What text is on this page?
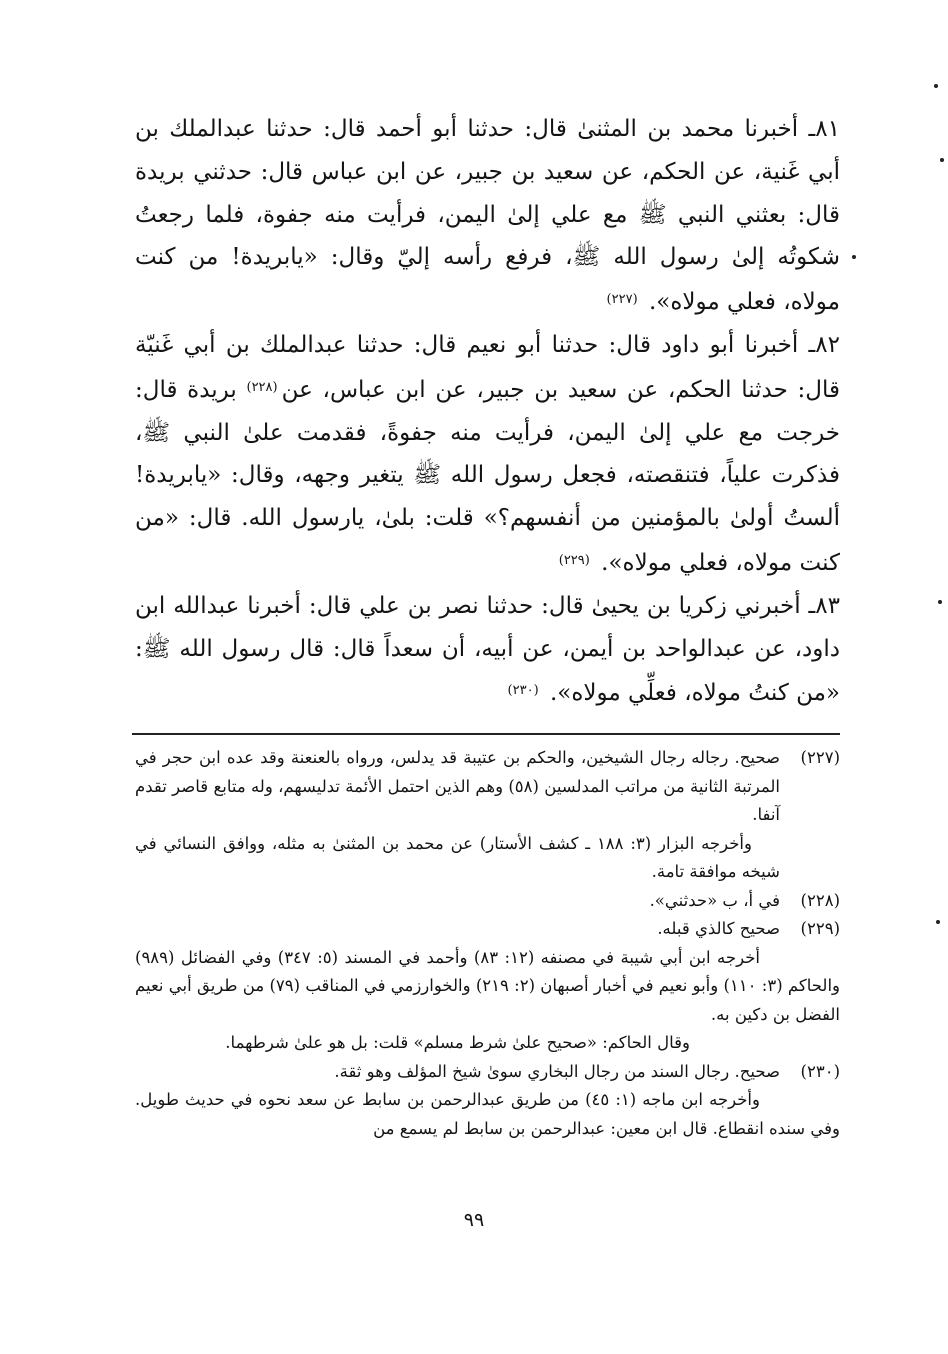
٨١ـ أخبرنا محمد بن المثنىٰ قال: حدثنا أبو أحمد قال: حدثنا عبدالملك بن أبي غَنية، عن الحكم، عن سعيد بن جبير، عن ابن عباس قال: حدثني بريدة قال: بعثني النبي ﷺ مع علي إلىٰ اليمن، فرأيت منه جفوة، فلما رجعتُ شكوتُه إلىٰ رسول الله ﷺ، فرفع رأسه إليّ وقال: «يابريدة! من كنت مولاه، فعلي مولاه». $^{(٢٢٧)}$

٨٢ـ أخبرنا أبو داود قال: حدثنا أبو نعيم قال: حدثنا عبدالملك بن أبي غَنيّة قال: حدثنا الحكم، عن سعيد بن جبير، عن ابن عباس، عن$^{(٢٢٨)}$ بريدة قال: خرجت مع علي إلىٰ اليمن، فرأيت منه جفوةً، فقدمت علىٰ النبي ﷺ، فذكرت علياً، فتنقصته، فجعل رسول الله ﷺ يتغير وجهه، وقال: «يابريدة! ألستُ أولىٰ بالمؤمنين من أنفسهم؟» قلت: بلىٰ، يارسول الله. قال: «من كنت مولاه، فعلي مولاه». $^{(٢٢٩)}$

٨٣ـ أخبرني زكريا بن يحيىٰ قال: حدثنا نصر بن علي قال: أخبرنا عبدالله ابن داود، عن عبدالواحد بن أيمن، عن أبيه، أن سعداً قال: قال رسول الله ﷺ: «من كنتُ مولاه، فعلِّي مولاه». $^{(٢٣٠)}$

(٢٢٧)

صحيح. رجاله رجال الشيخين، والحكم بن عتيبة قد يدلس، ورواه بالعنعنة وقد عده ابن حجر في المرتبة الثانية من مراتب المدلسين (٥٨) وهم الذين احتمل الأئمة تدليسهم، وله متابع قاصر تقدم آنفا.

وأخرجه البزار (٣: ١٨٨ ـ كشف الأستار) عن محمد بن المثنىٰ به مثله، ووافق النسائي في شيخه موافقة تامة.

(٢٢٨)

في أ، ب «حدثني».

(٢٢٩)

صحيح كالذي قبله.

أخرجه ابن أبي شيبة في مصنفه (١٢: ٨٣) وأحمد في المسند (٥: ٣٤٧) وفي الفضائل (٩٨٩) والحاكم (٣: ١١٠) وأبو نعيم في أخبار أصبهان (٢: ٢١٩) والخوارزمي في المناقب (٧٩) من طريق أبي نعيم الفضل بن دكين به.

وقال الحاكم: «صحيح علىٰ شرط مسلم» قلت: بل هو علىٰ شرطهما.

(٢٣٠)

صحيح. رجال السند من رجال البخاري سوىٰ شيخ المؤلف وهو ثقة.

وأخرجه ابن ماجه (١: ٤٥) من طريق عبدالرحمن بن سابط عن سعد نحوه في حديث طويل. وفي سنده انقطاع. قال ابن معين: عبدالرحمن بن سابط لم يسمع من

٩٩
